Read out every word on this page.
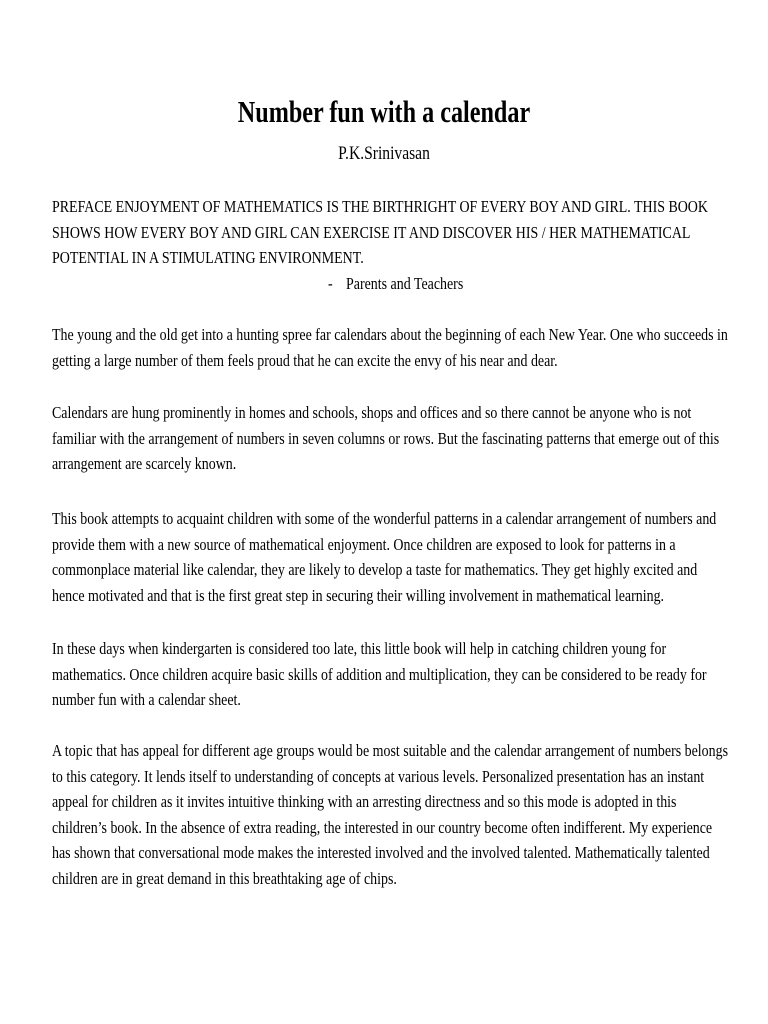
Number fun with a calendar
P.K.Srinivasan
PREFACE ENJOYMENT OF MATHEMATICS IS THE BIRTHRIGHT OF EVERY BOY AND GIRL. THIS BOOK
SHOWS HOW EVERY BOY AND GIRL CAN EXERCISE IT AND DISCOVER HIS / HER MATHEMATICAL
POTENTIAL IN A STIMULATING ENVIRONMENT.
- Parents and Teachers
The young and the old get into a hunting spree far calendars about the beginning of each New Year. One who succeeds in
getting a large number of them feels proud that he can excite the envy of his near and dear.
Calendars are hung prominently in homes and schools, shops and offices and so there cannot be anyone who is not
familiar with the arrangement of numbers in seven columns or rows. But the fascinating patterns that emerge out of this
arrangement are scarcely known.
This book attempts to acquaint children with some of the wonderful patterns in a calendar arrangement of numbers and
provide them with a new source of mathematical enjoyment. Once children are exposed to look for patterns in a
commonplace material like calendar, they are likely to develop a taste for mathematics. They get highly excited and
hence motivated and that is the first great step in securing their willing involvement in mathematical learning.
In these days when kindergarten is considered too late, this little book will help in catching children young for
mathematics. Once children acquire basic skills of addition and multiplication, they can be considered to be ready for
number fun with a calendar sheet.
A topic that has appeal for different age groups would be most suitable and the calendar arrangement of numbers belongs
to this category. It lends itself to understanding of concepts at various levels. Personalized presentation has an instant
appeal for children as it invites intuitive thinking with an arresting directness and so this mode is adopted in this
children’s book. In the absence of extra reading, the interested in our country become often indifferent. My experience
has shown that conversational mode makes the interested involved and the involved talented. Mathematically talented
children are in great demand in this breathtaking age of chips.
